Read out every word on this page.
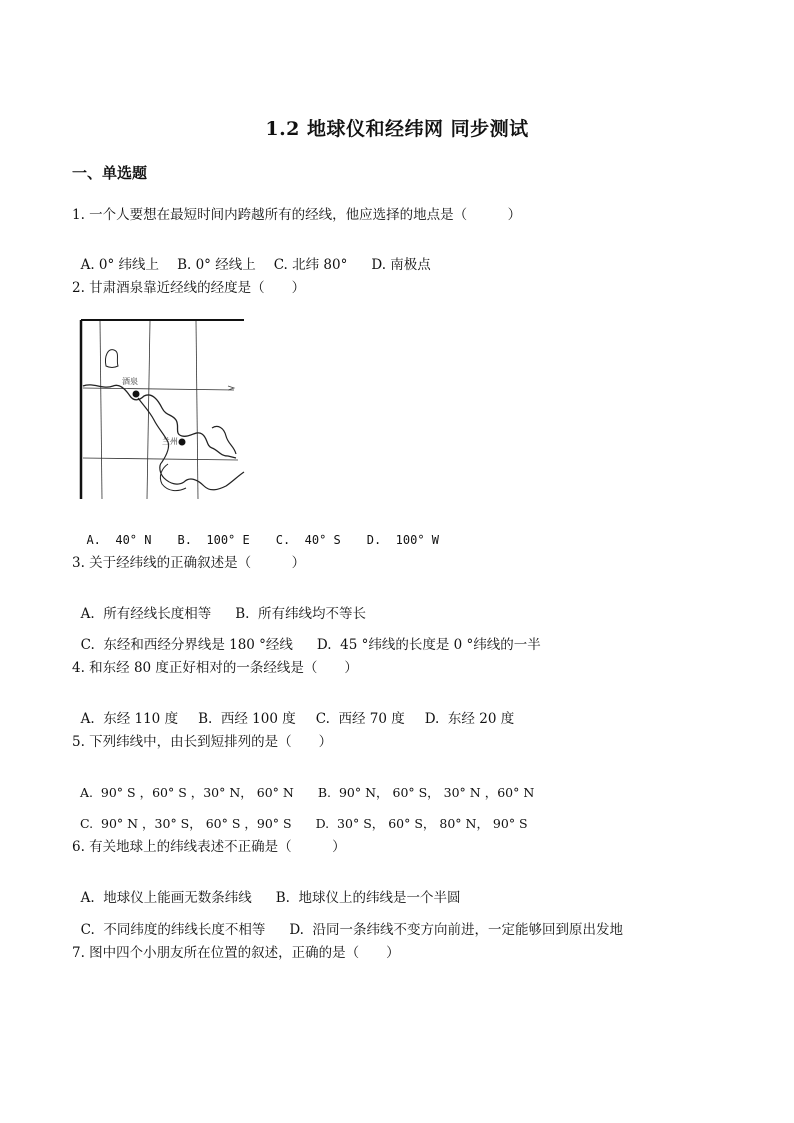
1.2 地球仪和经纬网 同步测试
一、单选题
1. 一个人要想在最短时间内跨越所有的经线，他应选择的地点是（　　　）

A. 0° 纬线上 B. 0° 经线上 C. 北纬 80° D. 南极点

2. 甘肃酒泉靠近经线的经度是（　　）
酒泉
兰州

A.  40° N B.  100° E C.  40° S D.  100° W

3. 关于经纬线的正确叙述是（　　　）

A.  所有经线长度相等 B.  所有纬线均不等长

C.  东经和西经分界线是 180 °经线 D.  45 °纬线的长度是 0 °纬线的一半

4. 和东经 80 度正好相对的一条经线是（　　）

A.  东经 110 度 B.  西经 100 度 C.  西经 70 度 D.  东经 20 度

5. 下列纬线中，由长到短排列的是（　　）

A.  90° S ，60° S ，30° N， 60° N B.  90° N， 60° S， 30° N ，60° N

C.  90° N ，30° S， 60° S ，90° S D.  30° S， 60° S， 80° N， 90° S

6. 有关地球上的纬线表述不正确是（　　　）

A.  地球仪上能画无数条纬线 B.  地球仪上的纬线是一个半圆

C.  不同纬度的纬线长度不相等 D.  沿同一条纬线不变方向前进，一定能够回到原出发地

7. 图中四个小朋友所在位置的叙述，正确的是（　　）
